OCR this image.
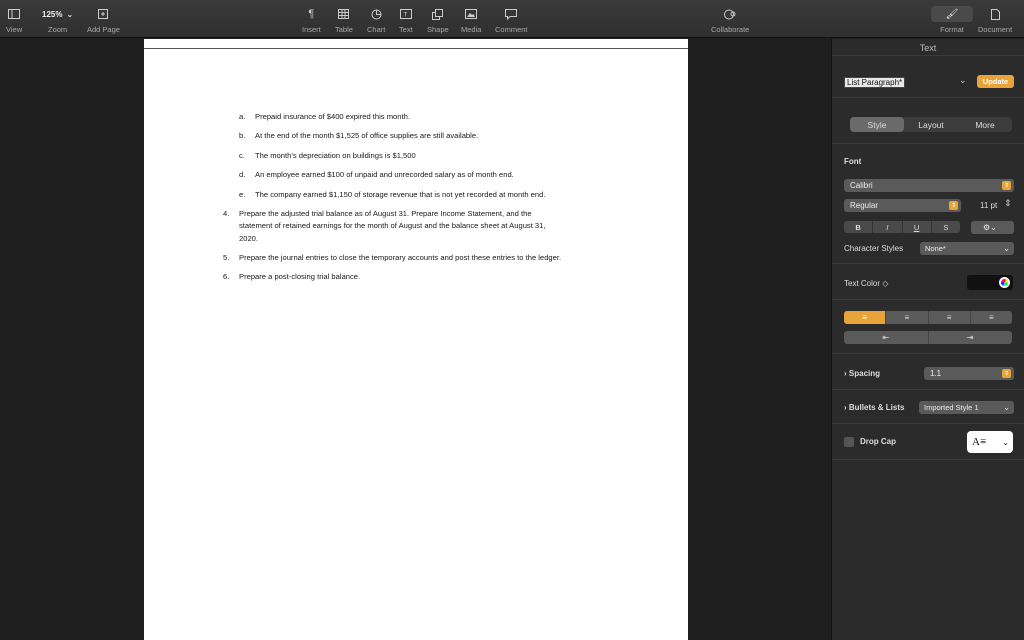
View
125% ⌄
Zoom	Add Page
¶
Insert Table Chart
T
Text Shape Media Comment	Collaborate
🖌
Format Document
a. Prepaid insurance of $400 expired this month.
b. At the end of the month $1,525 of office supplies are still available.
c. The month’s depreciation on buildings is $1,500
d. An employee earned $100 of unpaid and unrecorded salary as of month end.
e. The company earned $1,150 of storage revenue that is not yet recorded at month end.
4. Prepare the adjusted trial balance as of August 31. Prepare Income Statement, and the
statement of retained earnings for the month of August and the balance sheet at August 31,
2020.
5. Prepare the journal entries to close the temporary accounts and post these entries to the ledger.
6. Prepare a post-closing trial balance.
Text
List Paragraph*	⌄	Update
Style	Layout	More
Font
Calibri	⇕
Regular	⇕	11 pt ⇕
B	I	U	S	⚙⌄
Character Styles	None*	⌄
Text Color ◇
≡	≡	≡	≡
⇤	⇥
› Spacing	1.1	⇕
› Bullets & Lists	Imported Style 1	⌄
Drop Cap	A≡ ⌄
